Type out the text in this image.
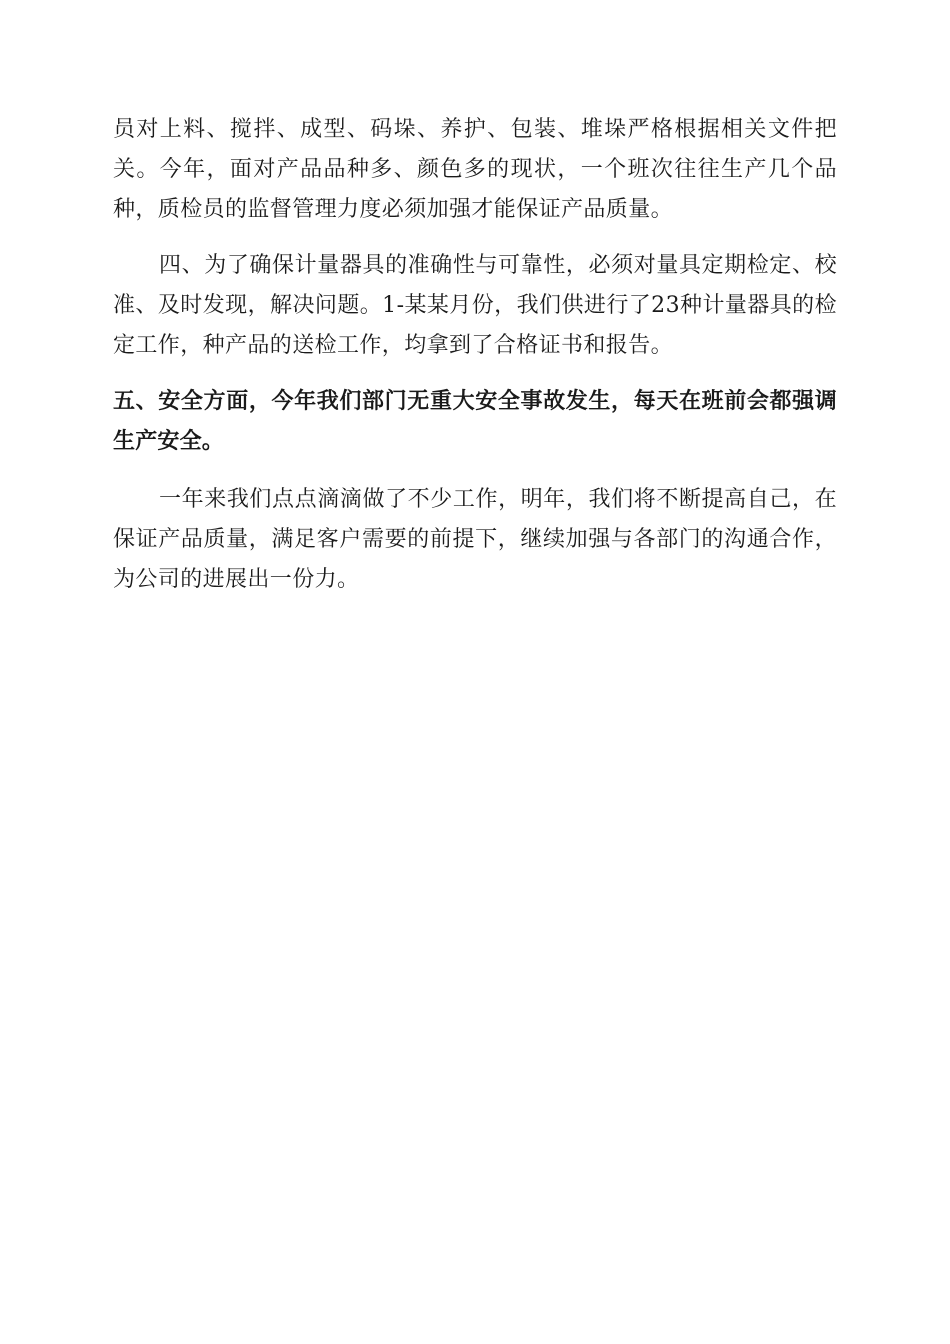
员对上料、搅拌、成型、码垛、养护、包装、堆垛严格根据相关文件把关。今年，面对产品品种多、颜色多的现状，一个班次往往生产几个品种，质检员的监督管理力度必须加强才能保证产品质量。

四、为了确保计量器具的准确性与可靠性，必须对量具定期检定、校准、及时发现，解决问题。1-某某月份，我们供进行了23种计量器具的检定工作，种产品的送检工作，均拿到了合格证书和报告。

五、安全方面，今年我们部门无重大安全事故发生，每天在班前会都强调生产安全。

一年来我们点点滴滴做了不少工作，明年，我们将不断提高自己，在保证产品质量，满足客户需要的前提下，继续加强与各部门的沟通合作，为公司的进展出一份力。
